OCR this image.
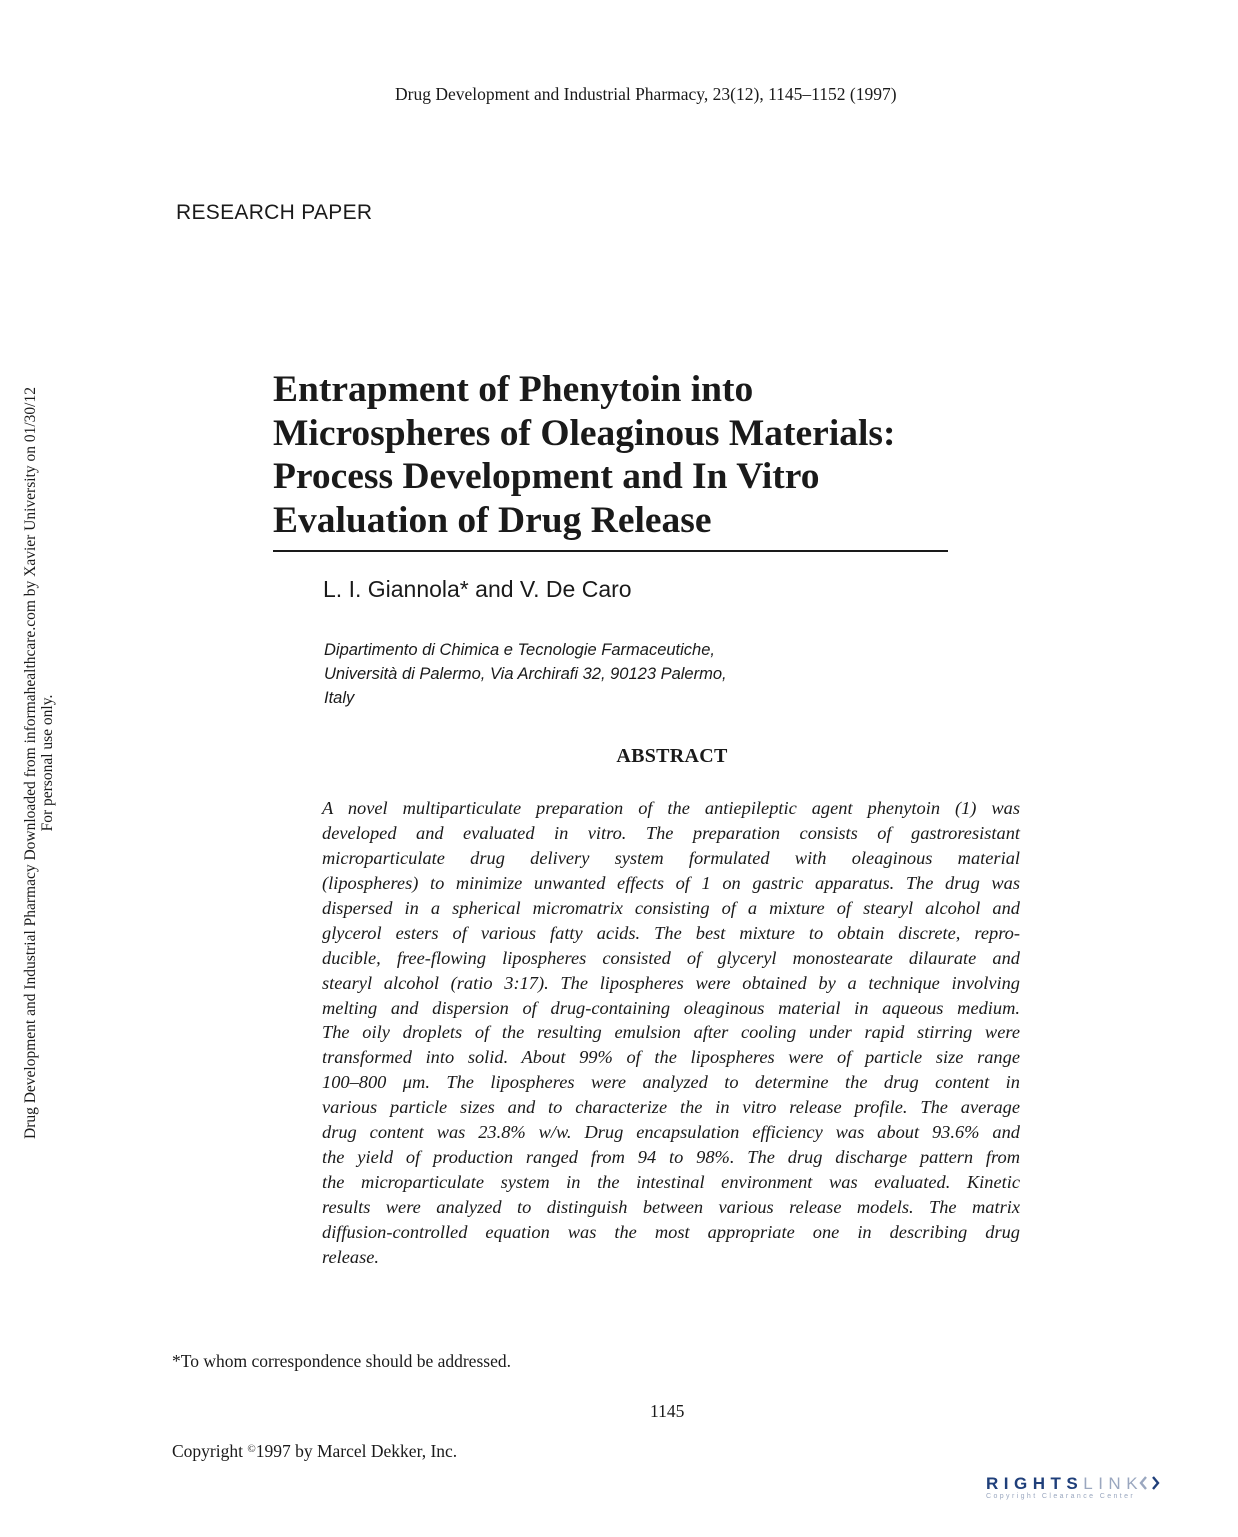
Drug Development and Industrial Pharmacy, 23(12), 1145–1152 (1997)
RESEARCH PAPER
Drug Development and Industrial Pharmacy Downloaded from informahealthcare.com by Xavier University on 01/30/12 For personal use only.
Entrapment of Phenytoin into
Microspheres of Oleaginous Materials:
Process Development and In Vitro
Evaluation of Drug Release
L. I. Giannola* and V. De Caro
Dipartimento di Chimica e Tecnologie Farmaceutiche,
Università di Palermo, Via Archirafi 32, 90123 Palermo,
Italy
ABSTRACT
A novel multiparticulate preparation of the antiepileptic agent phenytoin (1) was
developed and evaluated in vitro. The preparation consists of gastroresistant
microparticulate drug delivery system formulated with oleaginous material
(lipospheres) to minimize unwanted effects of 1 on gastric apparatus. The drug was
dispersed in a spherical micromatrix consisting of a mixture of stearyl alcohol and
glycerol esters of various fatty acids. The best mixture to obtain discrete, repro-
ducible, free-flowing lipospheres consisted of glyceryl monostearate dilaurate and
stearyl alcohol (ratio 3:17). The lipospheres were obtained by a technique involving
melting and dispersion of drug-containing oleaginous material in aqueous medium.
The oily droplets of the resulting emulsion after cooling under rapid stirring were
transformed into solid. About 99% of the lipospheres were of particle size range
100–800 μm. The lipospheres were analyzed to determine the drug content in
various particle sizes and to characterize the in vitro release profile. The average
drug content was 23.8% w/w. Drug encapsulation efficiency was about 93.6% and
the yield of production ranged from 94 to 98%. The drug discharge pattern from
the microparticulate system in the intestinal environment was evaluated. Kinetic
results were analyzed to distinguish between various release models. The matrix
diffusion-controlled equation was the most appropriate one in describing drug
release.
*To whom correspondence should be addressed.
1145
Copyright ©1997 by Marcel Dekker, Inc.
RIGHTSLINK
Copyright Clearance Center
